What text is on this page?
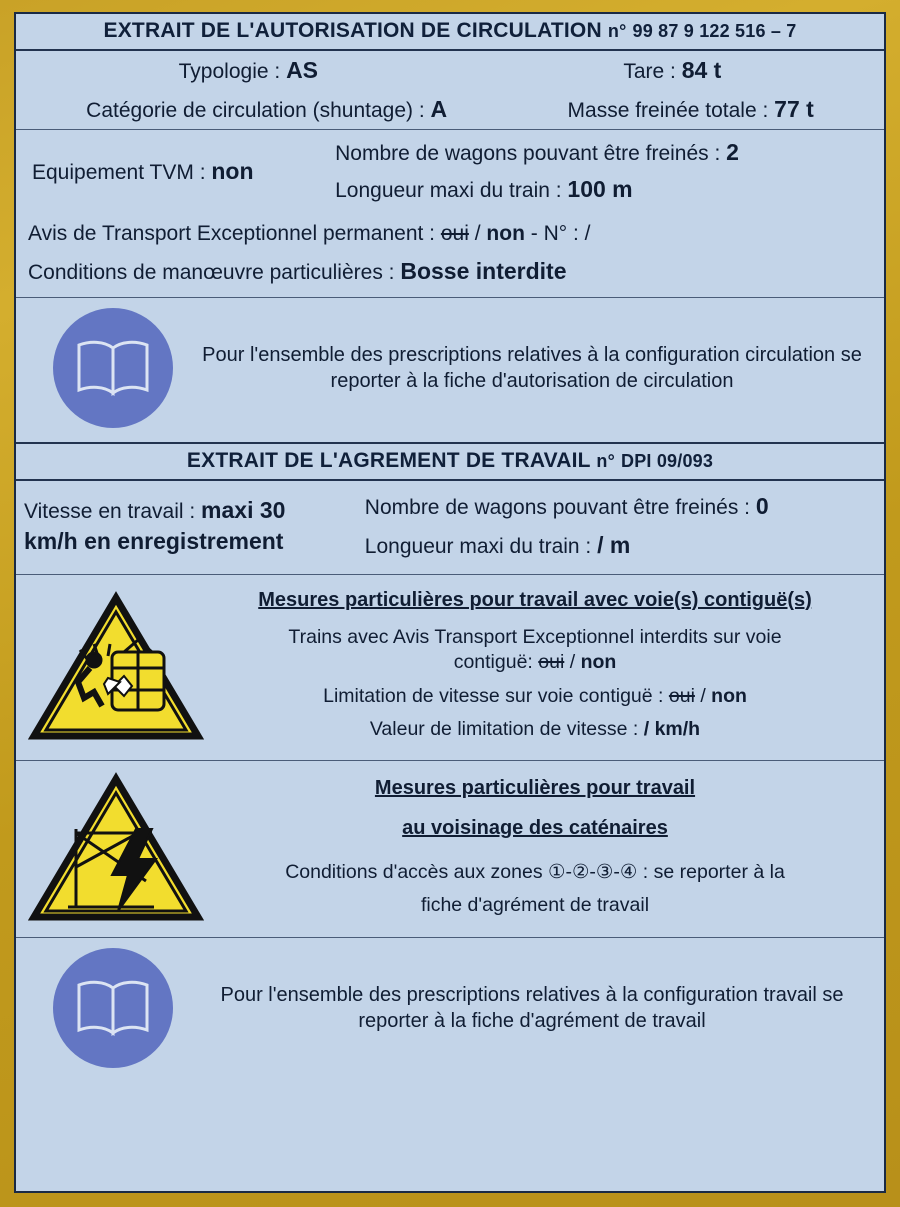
EXTRAIT DE L'AUTORISATION DE CIRCULATION n° 99 87 9 122 516 – 7
Typologie : AS	Tare : 84 t
Catégorie de circulation (shuntage) : A	Masse freinée totale : 77 t
Equipement TVM : non
Nombre de wagons pouvant être freinés : 2
Longueur maxi du train : 100 m
Avis de Transport Exceptionnel permanent : oui / non - N° : /
Conditions de manœuvre particulières : Bosse interdite
Pour l'ensemble des prescriptions relatives à la configuration circulation se reporter à la fiche d'autorisation de circulation
EXTRAIT DE L'AGREMENT DE TRAVAIL n° DPI 09/093
Vitesse en travail : maxi 30
km/h en enregistrement
Nombre de wagons pouvant être freinés : 0
Longueur maxi du train : / m
Mesures particulières pour travail avec voie(s) contiguë(s)
Trains avec Avis Transport Exceptionnel interdits sur voie
contiguë: oui / non
Limitation de vitesse sur voie contiguë : oui / non
Valeur de limitation de vitesse : / km/h
Mesures particulières pour travail
au voisinage des caténaires
Conditions d'accès aux zones ①-②-③-④ : se reporter à la
fiche d'agrément de travail
Pour l'ensemble des prescriptions relatives à la configuration travail se reporter à la fiche d'agrément de travail
